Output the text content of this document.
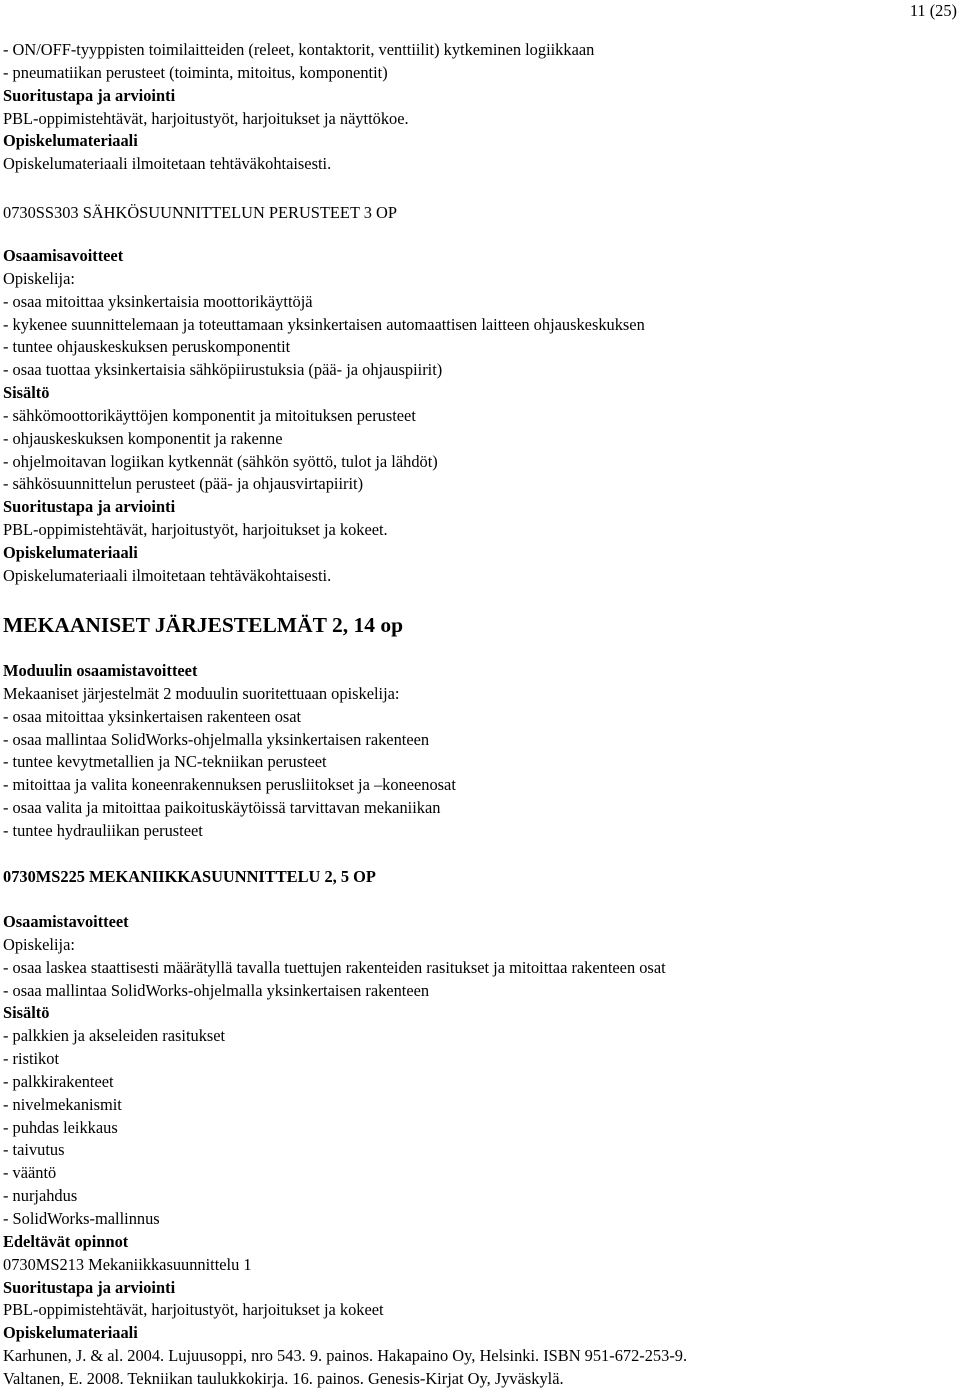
11 (25)
- ON/OFF-tyyppisten toimilaitteiden (releet, kontaktorit, venttiilit) kytkeminen logiikkaan
- pneumatiikan perusteet (toiminta, mitoitus, komponentit)
Suoritustapa ja arviointi
PBL-oppimistehtävät, harjoitustyöt, harjoitukset ja näyttökoe.
Opiskelumateriaali
Opiskelumateriaali ilmoitetaan tehtäväkohtaisesti.
0730SS303 SÄHKÖSUUNNITTELUN PERUSTEET 3 OP
Osaamisavoitteet
Opiskelija:
- osaa mitoittaa yksinkertaisia moottorikäyttöjä
- kykenee suunnittelemaan ja toteuttamaan yksinkertaisen automaattisen laitteen ohjauskeskuksen
- tuntee ohjauskeskuksen peruskomponentit
- osaa tuottaa yksinkertaisia sähköpiirustuksia (pää- ja ohjauspiirit)
Sisältö
- sähkömoottorikäyttöjen komponentit ja mitoituksen perusteet
- ohjauskeskuksen komponentit ja rakenne
- ohjelmoitavan logiikan kytkennät (sähkön syöttö, tulot ja lähdöt)
- sähkösuunnittelun perusteet (pää- ja ohjausvirtapiirit)
Suoritustapa ja arviointi
PBL-oppimistehtävät, harjoitustyöt, harjoitukset ja kokeet.
Opiskelumateriaali
Opiskelumateriaali ilmoitetaan tehtäväkohtaisesti.
MEKAANISET JÄRJESTELMÄT 2, 14 op
Moduulin osaamistavoitteet
Mekaaniset järjestelmät 2 moduulin suoritettuaan opiskelija:
- osaa mitoittaa yksinkertaisen rakenteen osat
- osaa mallintaa SolidWorks-ohjelmalla yksinkertaisen rakenteen
- tuntee kevytmetallien ja NC-tekniikan perusteet
- mitoittaa ja valita koneenrakennuksen perusliitokset ja –koneenosat
- osaa valita ja mitoittaa paikoituskäytöissä tarvittavan mekaniikan
- tuntee hydrauliikan perusteet
0730MS225 MEKANIIKKASUUNNITTELU 2, 5 OP
Osaamistavoitteet
Opiskelija:
- osaa laskea staattisesti määrätyllä tavalla tuettujen rakenteiden rasitukset ja mitoittaa rakenteen osat
- osaa mallintaa SolidWorks-ohjelmalla yksinkertaisen rakenteen
Sisältö
- palkkien ja akseleiden rasitukset
- ristikot
- palkkirakenteet
- nivelmekanismit
- puhdas leikkaus
- taivutus
- vääntö
- nurjahdus
- SolidWorks-mallinnus
Edeltävät opinnot
0730MS213 Mekaniikkasuunnittelu 1
Suoritustapa ja arviointi
PBL-oppimistehtävät, harjoitustyöt, harjoitukset ja kokeet
Opiskelumateriaali
Karhunen, J. & al. 2004. Lujuusoppi, nro 543. 9. painos. Hakapaino Oy, Helsinki. ISBN 951-672-253-9.
Valtanen, E. 2008. Tekniikan taulukkokirja. 16. painos. Genesis-Kirjat Oy, Jyväskylä.
